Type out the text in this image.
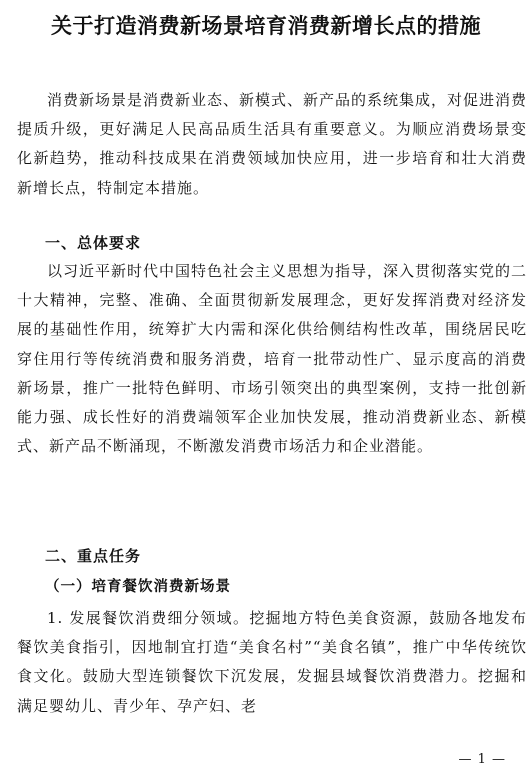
关于打造消费新场景培育消费新增长点的措施

消费新场景是消费新业态、新模式、新产品的系统集成，对促进消费提质升级，更好满足人民高品质生活具有重要意义。为顺应消费场景变化新趋势，推动科技成果在消费领域加快应用，进一步培育和壮大消费新增长点，特制定本措施。

一、总体要求

以习近平新时代中国特色社会主义思想为指导，深入贯彻落实党的二十大精神，完整、准确、全面贯彻新发展理念，更好发挥消费对经济发展的基础性作用，统筹扩大内需和深化供给侧结构性改革，围绕居民吃穿住用行等传统消费和服务消费，培育一批带动性广、显示度高的消费新场景，推广一批特色鲜明、市场引领突出的典型案例，支持一批创新能力强、成长性好的消费端领军企业加快发展，推动消费新业态、新模式、新产品不断涌现，不断激发消费市场活力和企业潜能。

二、重点任务
（一）培育餐饮消费新场景

1. 发展餐饮消费细分领域。挖掘地方特色美食资源，鼓励各地发布餐饮美食指引，因地制宜打造“美食名村”“美食名镇”，推广中华传统饮食文化。鼓励大型连锁餐饮下沉发展，发掘县域餐饮消费潜力。挖掘和满足婴幼儿、青少年、孕产妇、老

— 1 —
